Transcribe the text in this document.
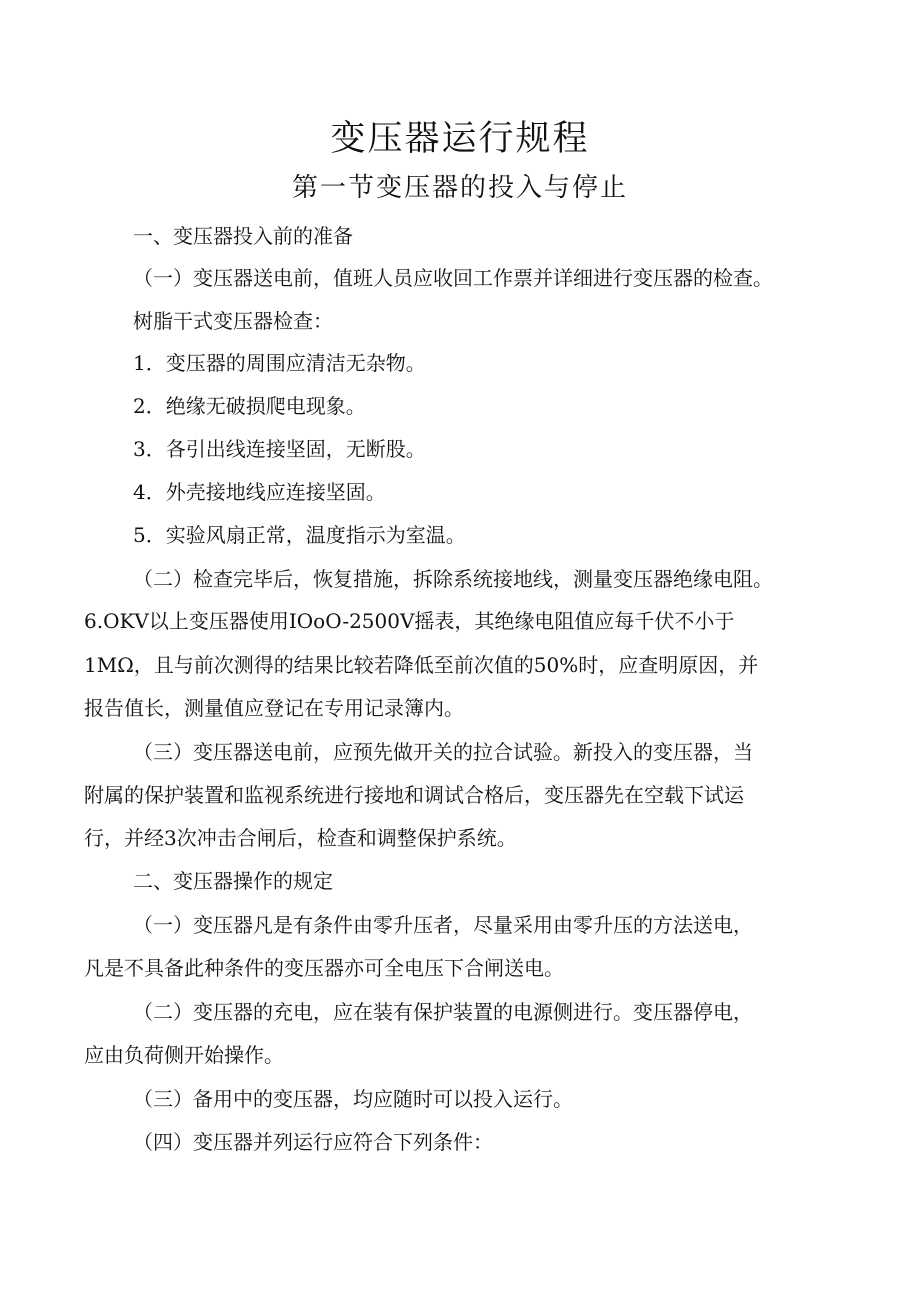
变压器运行规程
第一节变压器的投入与停止
一、变压器投入前的准备
（一）变压器送电前，值班人员应收回工作票并详细进行变压器的检查。
树脂干式变压器检查：
1．变压器的周围应清洁无杂物。
2．绝缘无破损爬电现象。
3．各引出线连接坚固，无断股。
4．外壳接地线应连接坚固。
5．实验风扇正常，温度指示为室温。
（二）检查完毕后，恢复措施，拆除系统接地线，测量变压器绝缘电阻。
6.OKV以上变压器使用IOoO-2500V摇表，其绝缘电阻值应每千伏不小于
1MΩ，且与前次测得的结果比较若降低至前次值的50%时，应查明原因，并
报告值长，测量值应登记在专用记录簿内。
（三）变压器送电前，应预先做开关的拉合试验。新投入的变压器，当
附属的保护装置和监视系统进行接地和调试合格后，变压器先在空载下试运
行，并经3次冲击合闸后，检查和调整保护系统。
二、变压器操作的规定
（一）变压器凡是有条件由零升压者，尽量采用由零升压的方法送电，
凡是不具备此种条件的变压器亦可全电压下合闸送电。
（二）变压器的充电，应在装有保护装置的电源侧进行。变压器停电，
应由负荷侧开始操作。
（三）备用中的变压器，均应随时可以投入运行。
（四）变压器并列运行应符合下列条件：
